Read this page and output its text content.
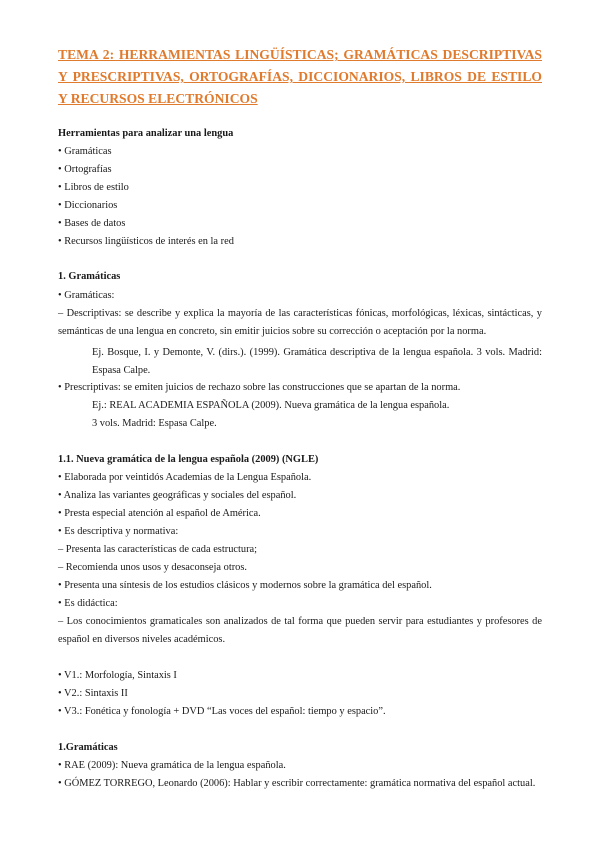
TEMA 2: HERRAMIENTAS LINGÜÍSTICAS; GRAMÁTICAS DESCRIPTIVAS Y PRESCRIPTIVAS, ORTOGRAFÍAS, DICCIONARIOS, LIBROS DE ESTILO Y RECURSOS ELECTRÓNICOS
Herramientas para analizar una lengua
• Gramáticas
• Ortografías
• Libros de estilo
• Diccionarios
• Bases de datos
• Recursos lingüísticos de interés en la red
1. Gramáticas
• Gramáticas:
– Descriptivas: se describe y explica la mayoría de las características fónicas, morfológicas, léxicas, sintácticas, y
semánticas de una lengua en concreto, sin emitir juicios sobre su corrección o aceptación por la norma.
Ej. Bosque, I. y Demonte, V. (dirs.). (1999). Gramática descriptiva de la lengua española. 3 vols. Madrid:
Espasa Calpe.
• Prescriptivas: se emiten juicios de rechazo sobre las construcciones que se apartan de la norma.
Ej.: REAL ACADEMIA ESPAÑOLA (2009). Nueva gramática de la lengua española.
3 vols. Madrid: Espasa Calpe.
1.1. Nueva gramática de la lengua española (2009) (NGLE)
• Elaborada por veintidós Academias de la Lengua Española.
• Analiza las variantes geográficas y sociales del español.
• Presta especial atención al español de América.
• Es descriptiva y normativa:
– Presenta las características de cada estructura;
– Recomienda unos usos y desaconseja otros.
• Presenta una síntesis de los estudios clásicos y modernos sobre la gramática del español.
• Es didáctica:
– Los conocimientos gramaticales son analizados de tal forma que pueden servir para estudiantes y profesores de
español en diversos niveles académicos.
• V1.: Morfología, Sintaxis I
• V2.: Sintaxis II
• V3.: Fonética y fonología + DVD “Las voces del español: tiempo y espacio”.
1.Gramáticas
• RAE (2009): Nueva gramática de la lengua española.
• GÓMEZ TORREGO, Leonardo (2006): Hablar y escribir correctamente: gramática normativa del español actual.
